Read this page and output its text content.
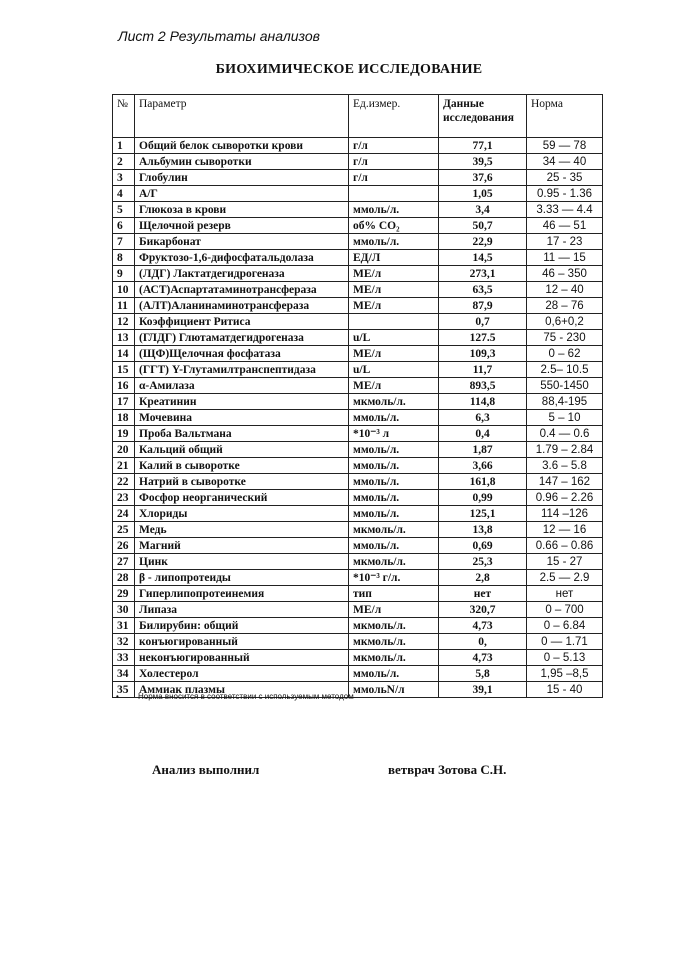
Лист 2 Результаты анализов
БИОХИМИЧЕСКОЕ ИССЛЕДОВАНИЕ
№	Параметр	Ед.измер.	Данные исследования	Норма
1	Общий белок сыворотки крови	г/л	77,1	59 — 78
2	Альбумин сыворотки	г/л	39,5	34 — 40
3	Глобулин	г/л	37,6	25 - 35
4	А/Г		1,05	0.95 - 1.36
5	Глюкоза в крови	ммоль/л.	3,4	3.33 — 4.4
6	Щелочной резерв	об% CO₂	50,7	46 — 51
7	Бикарбонат	ммоль/л.	22,9	17 - 23
8	Фруктозо-1,6-дифосфатальдолаза	ЕД/Л	14,5	11 — 15
9	(ЛДГ) Лактатдегидрогеназа	МЕ/л	273,1	46 – 350
10	(АСТ)Аспартатаминотрансфераза	МЕ/л	63,5	12 – 40
11	(АЛТ)Аланинаминотрансфераза	МЕ/л	87,9	28 – 76
12	Коэффициент Ритиса		0,7	0,6+0,2
13	(ГЛДГ) Глютаматдегидрогеназа	u/L	127.5	75 - 230
14	(ЩФ)Щелочная фосфатаза	МЕ/л	109,3	0 – 62
15	(ГГТ) Y-Глутамилтранспептидаза	u/L	11,7	2.5– 10.5
16	α-Амилаза	МЕ/л	893,5	550-1450
17	Креатинин	мкмоль/л.	114,8	88,4-195
18	Мочевина	ммоль/л.	6,3	5 – 10
19	Проба Вальтмана	*10⁻³ л	0,4	0.4 — 0.6
20	Кальций общий	ммоль/л.	1,87	1.79 – 2.84
21	Калий в сыворотке	ммоль/л.	3,66	3.6 – 5.8
22	Натрий в сыворотке	ммоль/л.	161,8	147 – 162
23	Фосфор неорганический	ммоль/л.	0,99	0.96 – 2.26
24	Хлориды	ммоль/л.	125,1	114 –126
25	Медь	мкмоль/л.	13,8	12 — 16
26	Магний	ммоль/л.	0,69	0.66 – 0.86
27	Цинк	мкмоль/л.	25,3	15 - 27
28	β - липопротеиды	*10⁻³ г/л.	2,8	2.5 — 2.9
29	Гиперлипопротеинемия	тип	нет	нет
30	Липаза	МЕ/л	320,7	0 – 700
31	Билирубин: общий	мкмоль/л.	4,73	0 – 6.84
32	конъюгированный	мкмоль/л.	0,	0 — 1.71
33	неконъюгированный	мкмоль/л.	4,73	0 – 5.13
34	Холестерол	ммоль/л.	5,8	1,95 –8,5
35	Аммиак плазмы	ммольN/л	39,1	15 - 40
• Норма вносится в соответствии с используемым методом
Анализ выполнил	ветврач Зотова С.Н.
